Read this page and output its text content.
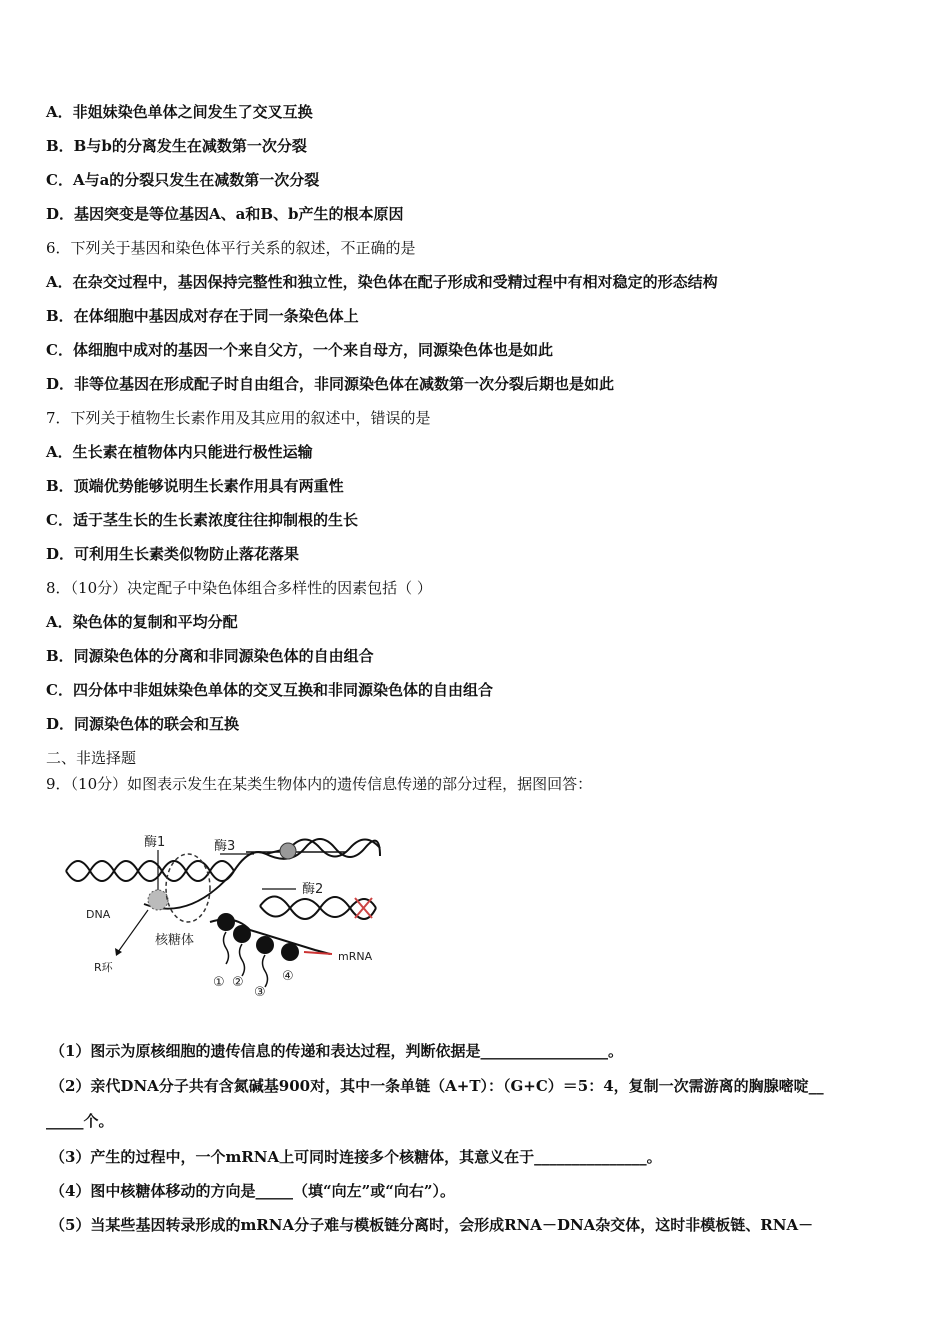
A．非姐妹染色单体之间发生了交叉互换
B．B与b的分离发生在减数第一次分裂
C．A与a的分裂只发生在减数第一次分裂
D．基因突变是等位基因A、a和B、b产生的根本原因
6．下列关于基因和染色体平行关系的叙述，不正确的是
A．在杂交过程中，基因保持完整性和独立性，染色体在配子形成和受精过程中有相对稳定的形态结构
B．在体细胞中基因成对存在于同一条染色体上
C．体细胞中成对的基因一个来自父方，一个来自母方，同源染色体也是如此
D．非等位基因在形成配子时自由组合，非同源染色体在减数第一次分裂后期也是如此
7．下列关于植物生长素作用及其应用的叙述中，错误的是
A．生长素在植物体内只能进行极性运输
B．顶端优势能够说明生长素作用具有两重性
C．适于茎生长的生长素浓度往往抑制根的生长
D．可利用生长素类似物防止落花落果
8．（10分）决定配子中染色体组合多样性的因素包括（ ）
A．染色体的复制和平均分配
B．同源染色体的分离和非同源染色体的自由组合
C．四分体中非姐妹染色单体的交叉互换和非同源染色体的自由组合
D．同源染色体的联会和互换
二、非选择题
9．（10分）如图表示发生在某类生物体内的遗传信息传递的部分过程，据图回答：
酶1	酶3
酶2
DNA
核糖体
R环
mRNA
① ②
③
④
（1）图示为原核细胞的遗传信息的传递和表达过程，判断依据是_________________。
（2）亲代DNA分子共有含氮碱基900对，其中一条单链（A+T）：（G+C）＝5：4，复制一次需游离的胸腺嘧啶__
_____个。
（3）产生的过程中，一个mRNA上可同时连接多个核糖体，其意义在于_______________。
（4）图中核糖体移动的方向是_____（填“向左”或“向右”）。
（5）当某些基因转录形成的mRNA分子难与模板链分离时，会形成RNA－DNA杂交体，这时非模板链、RNA－
